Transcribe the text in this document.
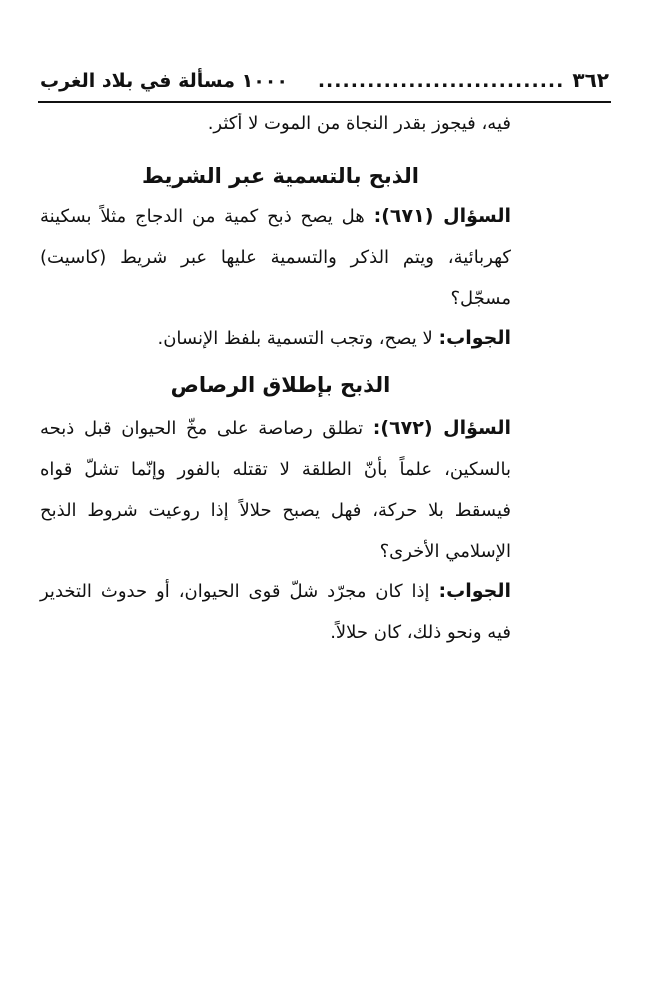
٣٦٢
..............................
١٠٠٠ مسألة في بلاد الغرب
فيه، فيجوز بقدر النجاة من الموت لا أكثر.
الذبح بالتسمية عبر الشريط
السؤال (٦٧١): هل يصح ذبح كمية من الدجاج مثلاً بسكينة كهربائية، ويتم الذكر والتسمية عليها عبر شريط (كاسيت) مسجّل؟
الجواب: لا يصح، وتجب التسمية بلفظ الإنسان.
الذبح بإطلاق الرصاص
السؤال (٦٧٢): تطلق رصاصة على مخّ الحيوان قبل ذبحه بالسكين، علماً بأنّ الطلقة لا تقتله بالفور وإنّما تشلّ قواه فيسقط بلا حركة، فهل يصبح حلالاً إذا روعيت شروط الذبح الإسلامي الأخرى؟
الجواب: إذا كان مجرّد شلّ قوى الحيوان، أو حدوث التخدير فيه ونحو ذلك، كان حلالاً.
